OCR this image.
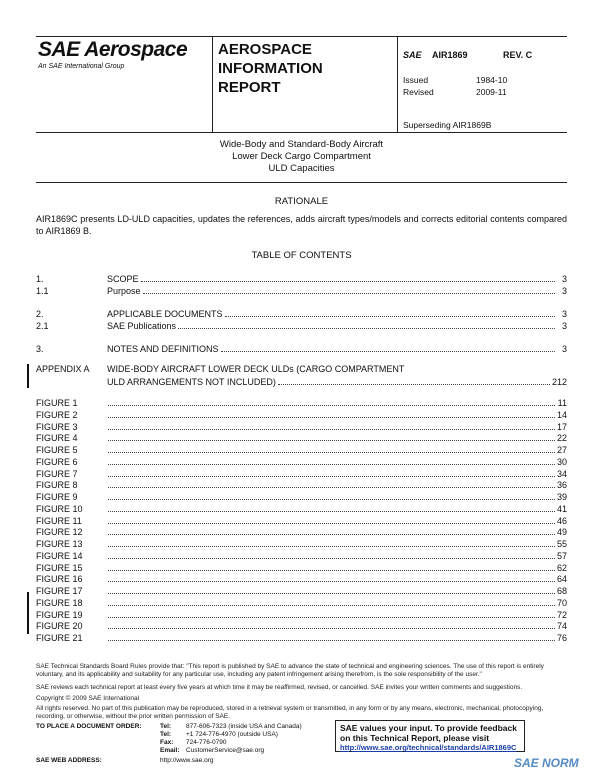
SAE Aerospace
An SAE International Group
AEROSPACE
INFORMATION
REPORT
SAE AIR1869	REV. C
Issued	1984-10
Revised	2009-11
Superseding AIR1869B
Wide-Body and Standard-Body Aircraft
Lower Deck Cargo Compartment
ULD Capacities
RATIONALE
AIR1869C presents LD-ULD capacities, updates the references, adds aircraft types/models and corrects editorial contents compared to AIR1869 B.
TABLE OF CONTENTS
1.	SCOPE	3
1.1	Purpose	3
2.	APPLICABLE DOCUMENTS	3
2.1	SAE Publications	3
3.	NOTES AND DEFINITIONS	3
APPENDIX A WIDE-BODY AIRCRAFT LOWER DECK ULDs (CARGO COMPARTMENT
ULD ARRANGEMENTS NOT INCLUDED)	212
FIGURE 1	11
FIGURE 2	14
FIGURE 3	17
FIGURE 4	22
FIGURE 5	27
FIGURE 6	30
FIGURE 7	34
FIGURE 8	36
FIGURE 9	39
FIGURE 10	41
FIGURE 11	46
FIGURE 12	49
FIGURE 13	55
FIGURE 14	57
FIGURE 15	62
FIGURE 16	64
FIGURE 17	68
FIGURE 18	70
FIGURE 19	72
FIGURE 20	74
FIGURE 21	76
SAE Technical Standards Board Rules provide that: "This report is published by SAE to advance the state of technical and engineering sciences. The use of this report is entirely voluntary, and its applicability and suitability for any particular use, including any patent infringement arising therefrom, is the sole responsibility of the user."
SAE reviews each technical report at least every five years at which time it may be reaffirmed, revised, or cancelled. SAE invites your written comments and suggestions.
Copyright © 2009 SAE International
All rights reserved. No part of this publication may be reproduced, stored in a retrieval system or transmitted, in any form or by any means, electronic, mechanical, photocopying, recording, or otherwise, without the prior written permission of SAE.
TO PLACE A DOCUMENT ORDER:	Tel: 877-606-7323 (inside USA and Canada)
Tel: +1 724-776-4970 (outside USA)
Fax: 724-776-0790
Email: CustomerService@sae.org
SAE WEB ADDRESS:	http://www.sae.org
SAE values your input. To provide feedback
on this Technical Report, please visit
http://www.sae.org/technical/standards/AIR1869C
SAE NORM
